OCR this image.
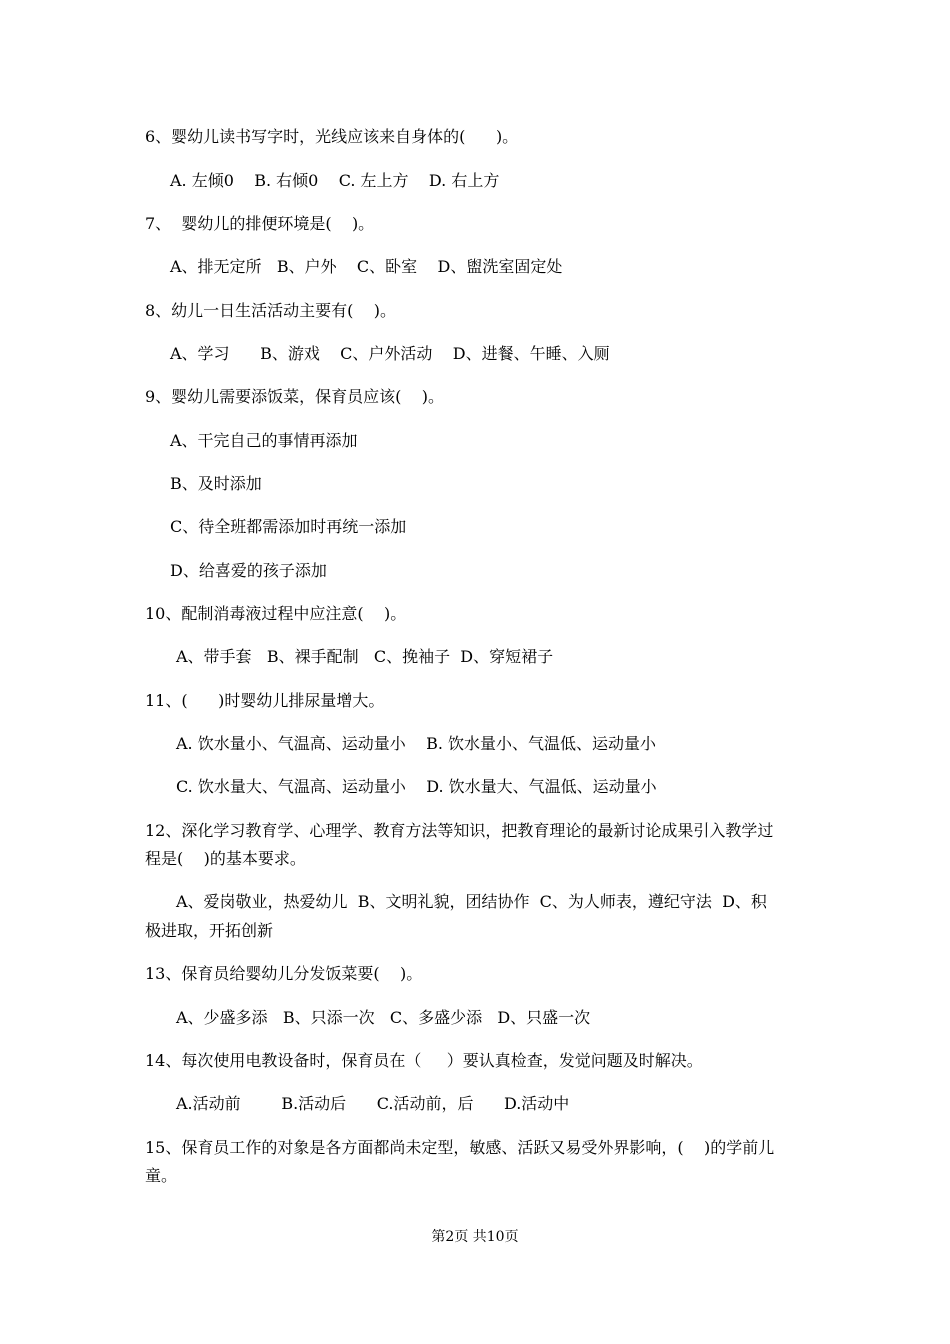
6、婴幼儿读书写字时，光线应该来自身体的(      )。
A. 左倾0    B. 右倾0    C. 左上方    D. 右上方
7、  婴幼儿的排便环境是(    )。
A、排无定所   B、户外    C、卧室    D、盥洗室固定处
8、幼儿一日生活活动主要有(    )。
A、学习      B、游戏    C、户外活动    D、进餐、午睡、入厕
9、婴幼儿需要添饭菜，保育员应该(    )。
A、干完自己的事情再添加
B、及时添加
C、待全班都需添加时再统一添加
D、给喜爱的孩子添加
10、配制消毒液过程中应注意(    )。
A、带手套   B、裸手配制   C、挽袖子  D、穿短裙子
11、(      )时婴幼儿排尿量增大。
A. 饮水量小、气温高、运动量小    B. 饮水量小、气温低、运动量小
C. 饮水量大、气温高、运动量小    D. 饮水量大、气温低、运动量小
12、深化学习教育学、心理学、教育方法等知识，把教育理论的最新讨论成果引入教学过
程是(    )的基本要求。
A、爱岗敬业，热爱幼儿  B、文明礼貌，团结协作  C、为人师表，遵纪守法  D、积
极进取，开拓创新
13、保育员给婴幼儿分发饭菜要(    )。
A、少盛多添   B、只添一次   C、多盛少添   D、只盛一次
14、每次使用电教设备时，保育员在（     ）要认真检查，发觉问题及时解决。
A.活动前        B.活动后      C.活动前，后      D.活动中
15、保育员工作的对象是各方面都尚未定型，敏感、活跃又易受外界影响，(    )的学前儿
童。
第2页 共10页
